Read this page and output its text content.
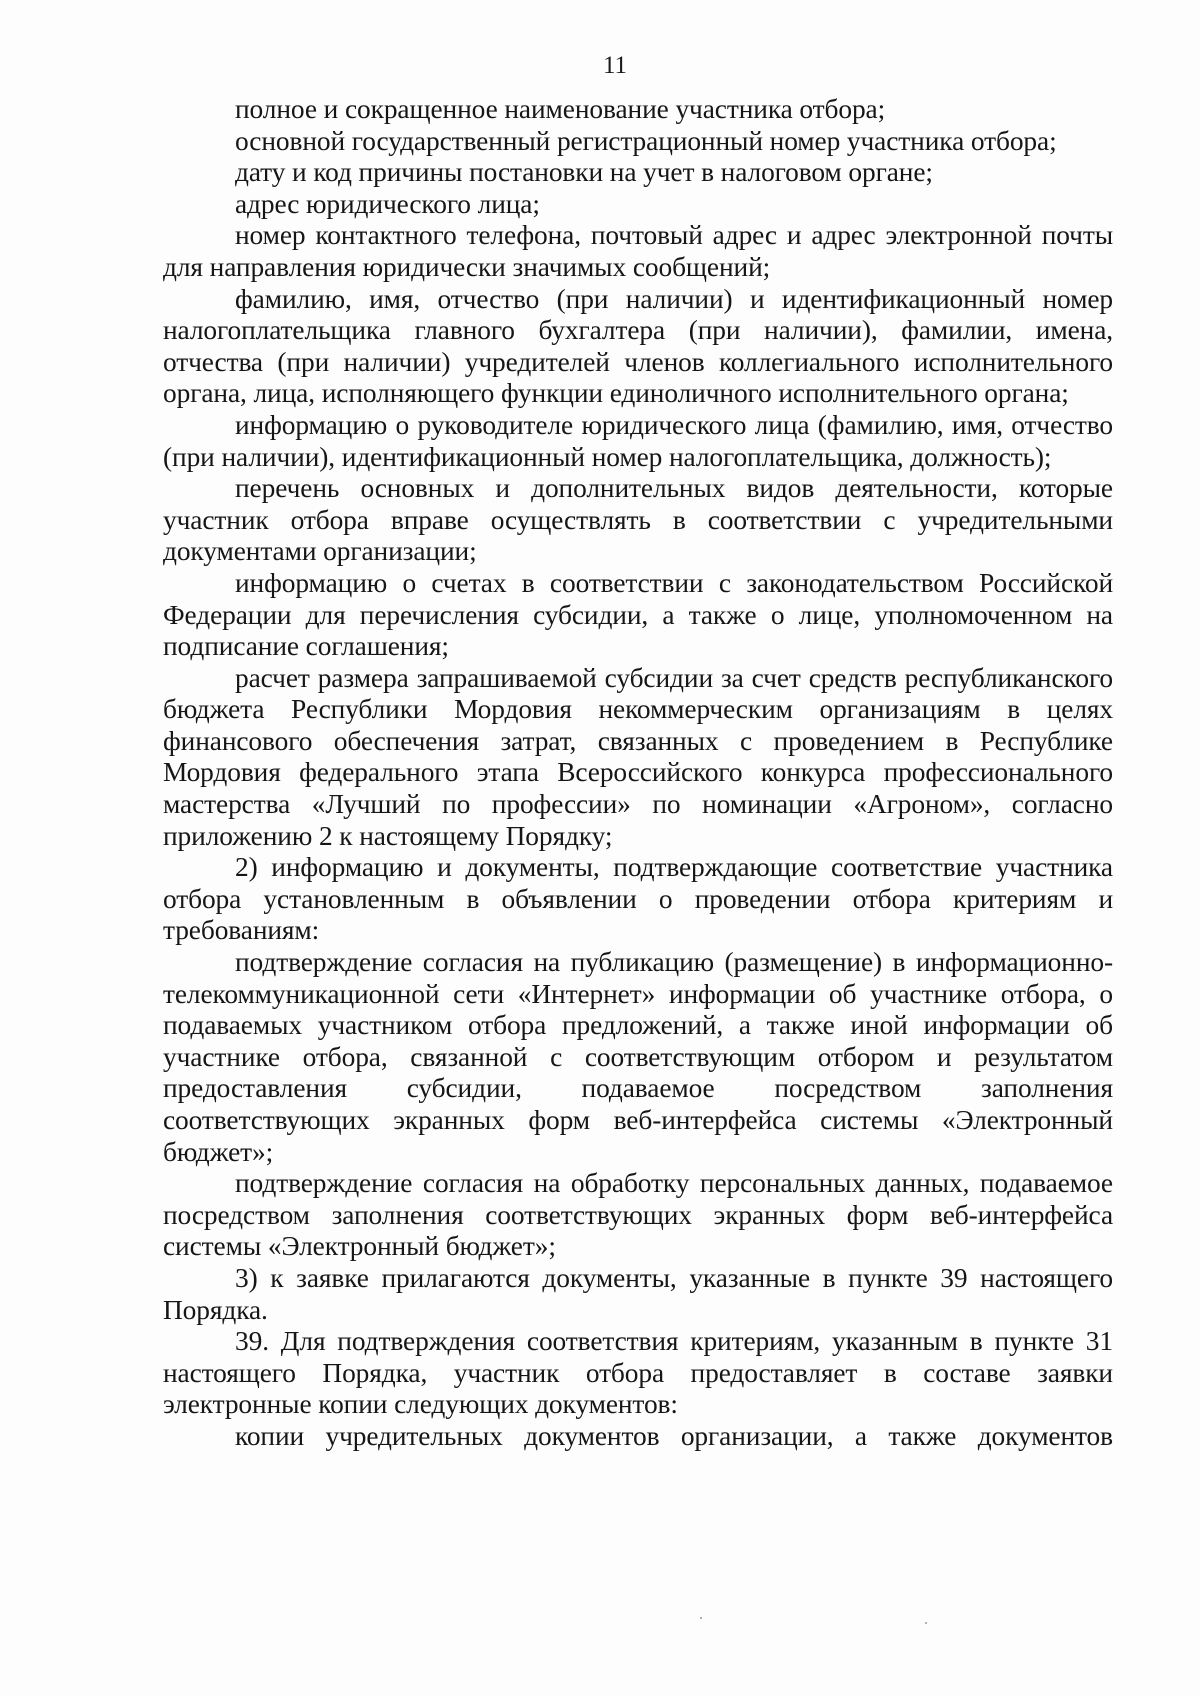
11

полное и сокращенное наименование участника отбора;

основной государственный регистрационный номер участника отбора;

дату и код причины постановки на учет в налоговом органе;

адрес юридического лица;

номер контактного телефона, почтовый адрес и адрес электронной почты для направления юридически значимых сообщений;

фамилию, имя, отчество (при наличии) и идентификационный номер налогоплательщика главного бухгалтера (при наличии), фамилии, имена, отчества (при наличии) учредителей членов коллегиального исполнительного органа, лица, исполняющего функции единоличного исполнительного органа;

информацию о руководителе юридического лица (фамилию, имя, отчество (при наличии), идентификационный номер налогоплательщика, должность);

перечень основных и дополнительных видов деятельности, которые участник отбора вправе осуществлять в соответствии с учредительными документами организации;

информацию о счетах в соответствии с законодательством Российской Федерации для перечисления субсидии, а также о лице, уполномоченном на подписание соглашения;

расчет размера запрашиваемой субсидии за счет средств республиканского бюджета Республики Мордовия некоммерческим организациям в целях финансового обеспечения затрат, связанных с проведением в Республике Мордовия федерального этапа Всероссийского конкурса профессионального мастерства «Лучший по профессии» по номинации «Агроном», согласно приложению 2 к настоящему Порядку;

2) информацию и документы, подтверждающие соответствие участника отбора установленным в объявлении о проведении отбора критериям и требованиям:

подтверждение согласия на публикацию (размещение) в информационно-телекоммуникационной сети «Интернет» информации об участнике отбора, о подаваемых участником отбора предложений, а также иной информации об участнике отбора, связанной с соответствующим отбором и результатом предоставления субсидии, подаваемое посредством заполнения соответствующих экранных форм веб-интерфейса системы «Электронный бюджет»;

подтверждение согласия на обработку персональных данных, подаваемое посредством заполнения соответствующих экранных форм веб-интерфейса системы «Электронный бюджет»;

3) к заявке прилагаются документы, указанные в пункте 39 настоящего Порядка.

39. Для подтверждения соответствия критериям, указанным в пункте 31 настоящего Порядка, участник отбора предоставляет в составе заявки электронные копии следующих документов:

копии учредительных документов организации, а также документов
